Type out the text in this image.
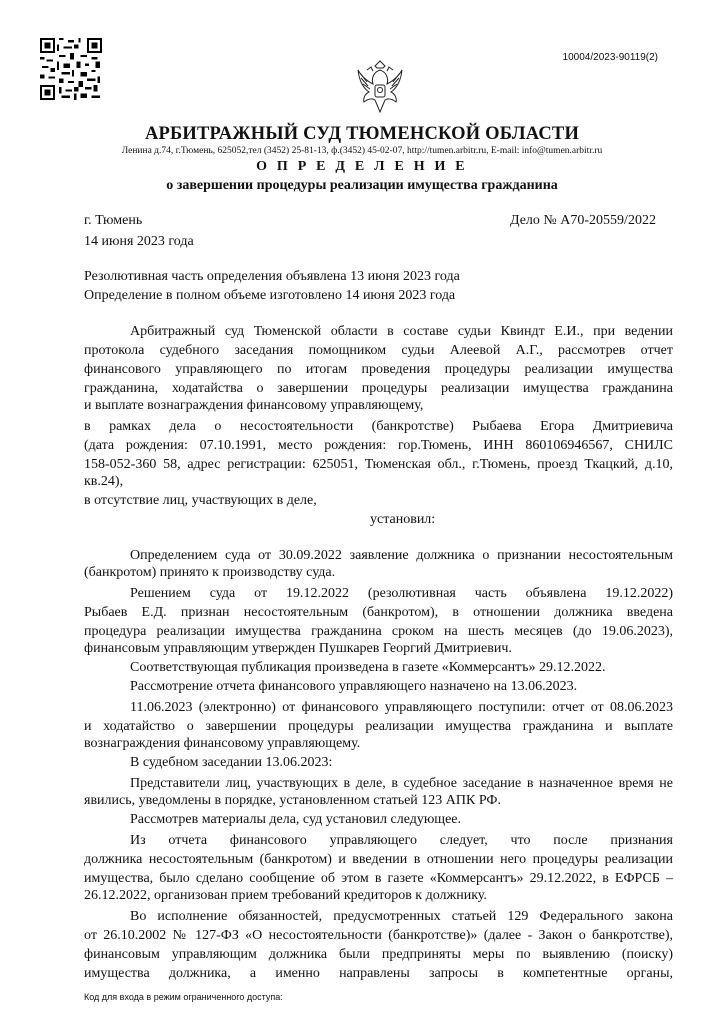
10004/2023-90119(2)
АРБИТРАЖНЫЙ СУД ТЮМЕНСКОЙ ОБЛАСТИ
Ленина д.74, г.Тюмень, 625052,тел (3452) 25-81-13, ф.(3452) 45-02-07, http://tumen.arbitr.ru, E-mail: info@tumen.arbitr.ru
О П Р Е Д Е Л Е Н И Е
о завершении процедуры реализации имущества гражданина
г. Тюмень	Дело № А70-20559/2022
14 июня 2023 года
Резолютивная часть определения объявлена 13 июня 2023 года
Определение в полном объеме изготовлено 14 июня 2023 года
Арбитражный суд Тюменской области в составе судьи Квиндт Е.И., при ведении
протокола судебного заседания помощником судьи Алеевой А.Г., рассмотрев отчет
финансового управляющего по итогам проведения процедуры реализации имущества
гражданина, ходатайства о завершении процедуры реализации имущества гражданина
и выплате вознаграждения финансовому управляющему,
в рамках дела о несостоятельности (банкротстве) Рыбаева Егора Дмитриевича
(дата рождения: 07.10.1991, место рождения: гор.Тюмень, ИНН 860106946567, СНИЛС
158-052-360 58, адрес регистрации: 625051, Тюменская обл., г.Тюмень, проезд Ткацкий, д.10,
кв.24),
в отсутствие лиц, участвующих в деле,
установил:
Определением суда от 30.09.2022 заявление должника о признании несостоятельным
(банкротом) принято к производству суда.
Решением суда от 19.12.2022 (резолютивная часть объявлена 19.12.2022)
Рыбаев Е.Д. признан несостоятельным (банкротом), в отношении должника введена
процедура реализации имущества гражданина сроком на шесть месяцев (до 19.06.2023),
финансовым управляющим утвержден Пушкарев Георгий Дмитриевич.
Соответствующая публикация произведена в газете «Коммерсантъ» 29.12.2022.
Рассмотрение отчета финансового управляющего назначено на 13.06.2023.
11.06.2023 (электронно) от финансового управляющего поступили: отчет от 08.06.2023
и ходатайство о завершении процедуры реализации имущества гражданина и выплате
вознаграждения финансовому управляющему.
В судебном заседании 13.06.2023:
Представители лиц, участвующих в деле, в судебное заседание в назначенное время не
явились, уведомлены в порядке, установленном статьей 123 АПК РФ.
Рассмотрев материалы дела, суд установил следующее.
Из отчета финансового управляющего следует, что после признания
должника несостоятельным (банкротом) и введении в отношении него процедуры реализации
имущества, было сделано сообщение об этом в газете «Коммерсантъ» 29.12.2022, в ЕФРСБ –
26.12.2022, организован прием требований кредиторов к должнику.
Во исполнение обязанностей, предусмотренных статьей 129 Федерального закона
от 26.10.2002 № 127-ФЗ «О несостоятельности (банкротстве)» (далее - Закон о банкротстве),
финансовым управляющим должника были предприняты меры по выявлению (поиску)
имущества должника, а именно направлены запросы в компетентные органы,
Код для входа в режим ограниченного доступа:
